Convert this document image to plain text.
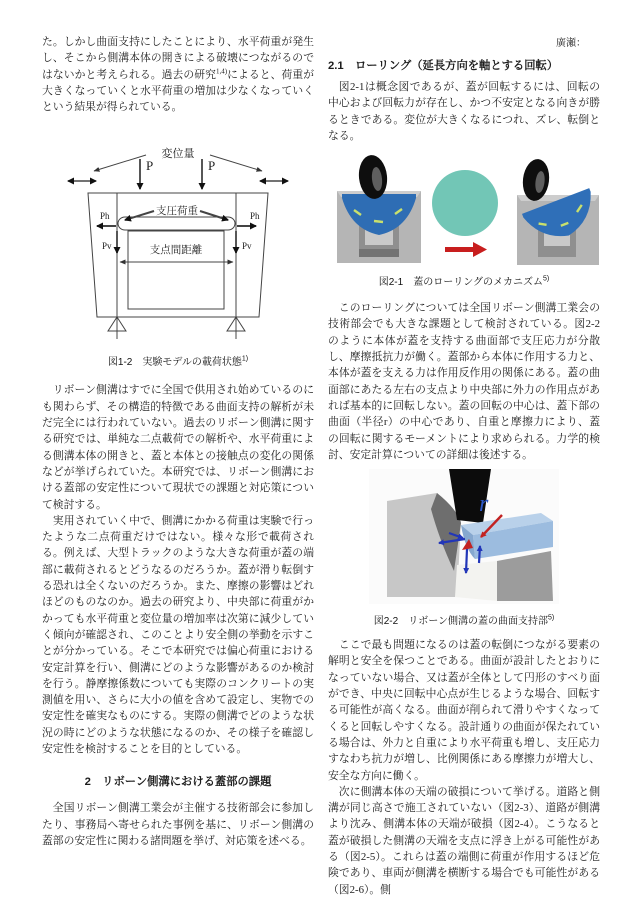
た。しかし曲面支持にしたことにより、水平荷重が発生し、そこから側溝本体の開きによる破壊につながるのではないかと考えられる。過去の研究$^{1,4)}$によると、荷重が大きくなっていくと水平荷重の増加は少なくなっていくという結果が得られている。

変位量
P	P
支圧荷重
Ph	Ph
Pv	Pv
支点間距離
図1-2　実験モデルの載荷状態$^{1)}$

リボーン側溝はすでに全国で供用され始めているのにも関わらず、その構造的特徴である曲面支持の解析が未だ完全には行われていない。過去のリボーン側溝に関する研究では、単純な二点載荷での解析や、水平荷重による側溝本体の開きと、蓋と本体との接触点の変化の関係などが挙げられていた。本研究では、リボーン側溝における蓋部の安定性について現状での課題と対応策について検討する。

実用されていく中で、側溝にかかる荷重は実験で行ったような二点荷重だけではない。様々な形で載荷される。例えば、大型トラックのような大きな荷重が蓋の端部に載荷されるとどうなるのだろうか。蓋が滑り転倒する恐れは全くないのだろうか。また、摩擦の影響はどれほどのものなのか。過去の研究より、中央部に荷重がかかっても水平荷重と変位量の増加率は次第に減少していく傾向が確認され、このことより安全側の挙動を示すことが分かっている。そこで本研究では偏心荷重における安定計算を行い、側溝にどのような影響があるのか検討を行う。静摩擦係数についても実際のコンクリートの実測値を用い、さらに大小の値を含めて設定し、実物での安定性を確実なものにする。実際の側溝でどのような状況の時にどのような状態になるのか、その様子を確認し安定性を検討することを目的としている。

2　リボーン側溝における蓋部の課題

全国リボーン側溝工業会が主催する技術部会に参加したり、事務局へ寄せられた事例を基に、リボーン側溝の蓋部の安定性に関わる諸問題を挙げ、対応策を述べる。

廣瀬：
2.1　ローリング（延長方向を軸とする回転）

図2-1は概念図であるが、蓋が回転するには、回転の中心および回転力が存在し、かつ不安定となる向きが勝るときである。変位が大きくなるにつれ、ズレ、転倒となる。

図2-1　蓋のローリングのメカニズム$^{5)}$

このローリングについては全国リボーン側溝工業会の技術部会でも大きな課題として検討されている。図2-2のように本体が蓋を支持する曲面部で支圧応力が分散し、摩擦抵抗力が働く。蓋部から本体に作用する力と、本体が蓋を支える力は作用反作用の関係にある。蓋の曲面部にあたる左右の支点より中央部に外力の作用点があれば基本的に回転しない。蓋の回転の中心は、蓋下部の曲面（半径r）の中心であり、自重と摩擦力により、蓋の回転に関するモーメントにより求められる。力学的検討、安定計算についての詳細は後述する。

r
図2-2　リボーン側溝の蓋の曲面支持部$^{5)}$

ここで最も問題になるのは蓋の転倒につながる要素の解明と安全を保つことである。曲面が設計したとおりになっていない場合、又は蓋が全体として円形のすべり面ができ、中央に回転中心点が生じるような場合、回転する可能性が高くなる。曲面が削られて滑りやすくなってくると回転しやすくなる。設計通りの曲面が保たれている場合は、外力と自重により水平荷重も増し、支圧応力すなわち抗力が増し、比例関係にある摩擦力が増大し、安全な方向に働く。

次に側溝本体の天端の破損について挙げる。道路と側溝が同じ高さで施工されていない（図2-3）、道路が側溝より沈み、側溝本体の天端が破損（図2-4）。こうなると蓋が破損した側溝の天端を支点に浮き上がる可能性がある（図2-5）。これらは蓋の端側に荷重が作用するほど危険であり、車両が側溝を横断する場合でも可能性がある（図2-6）。側
